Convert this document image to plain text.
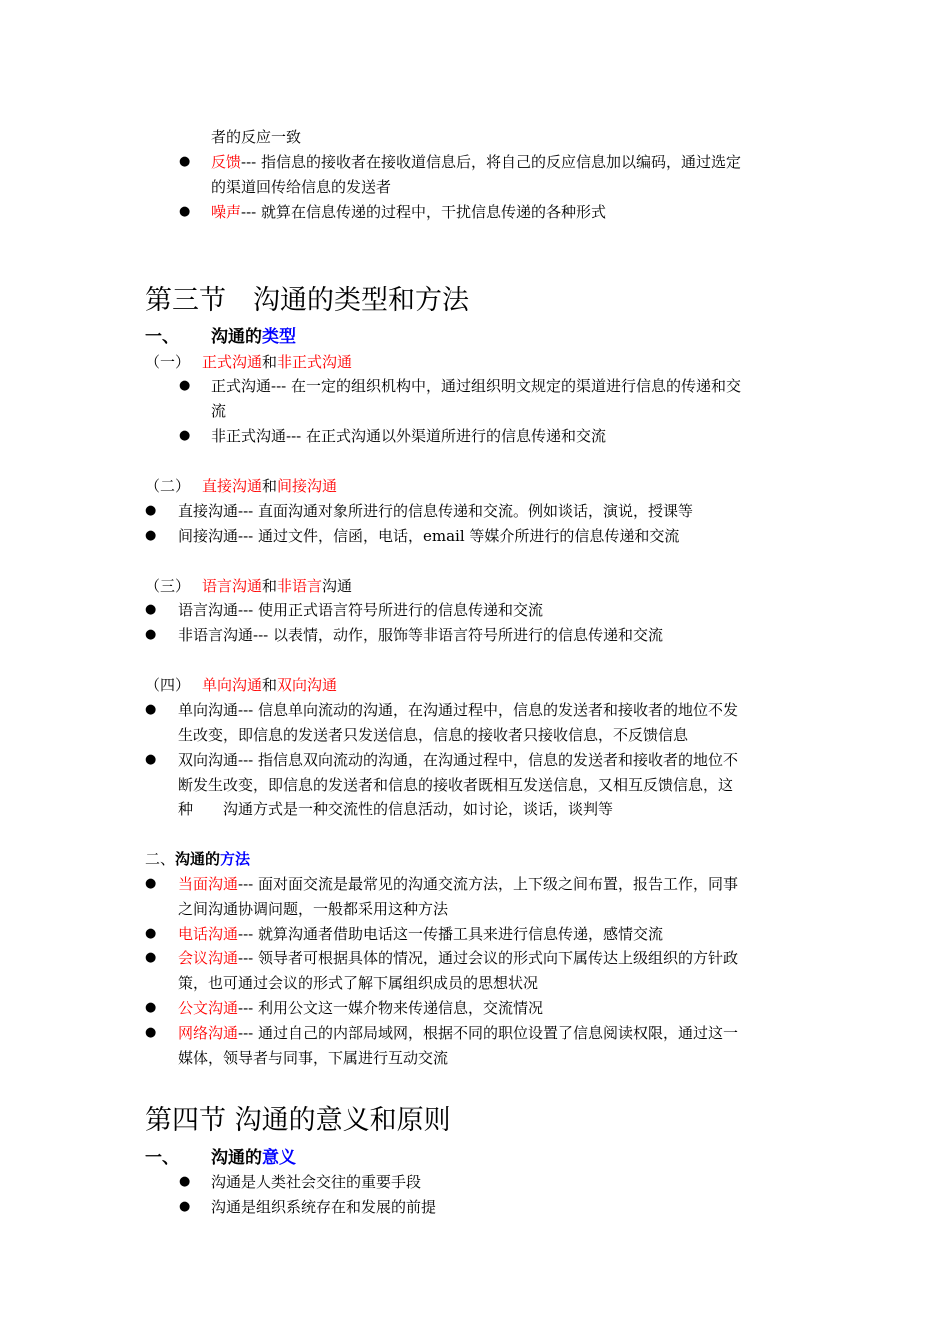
者的反应一致
● 反馈--- 指信息的接收者在接收道信息后，将自己的反应信息加以编码，通过选定
的渠道回传给信息的发送者
● 噪声--- 就算在信息传递的过程中，干扰信息传递的各种形式
第三节　沟通的类型和方法
一、 沟通的类型
（一） 正式沟通和非正式沟通
● 正式沟通--- 在一定的组织机构中，通过组织明文规定的渠道进行信息的传递和交
流
● 非正式沟通--- 在正式沟通以外渠道所进行的信息传递和交流
（二） 直接沟通和间接沟通
● 直接沟通--- 直面沟通对象所进行的信息传递和交流。例如谈话，演说，授课等
● 间接沟通--- 通过文件，信函，电话，email 等媒介所进行的信息传递和交流
（三） 语言沟通和非语言沟通
● 语言沟通--- 使用正式语言符号所进行的信息传递和交流
● 非语言沟通--- 以表情，动作，服饰等非语言符号所进行的信息传递和交流
（四） 单向沟通和双向沟通
● 单向沟通--- 信息单向流动的沟通，在沟通过程中，信息的发送者和接收者的地位不发
生改变，即信息的发送者只发送信息，信息的接收者只接收信息，不反馈信息
● 双向沟通--- 指信息双向流动的沟通，在沟通过程中，信息的发送者和接收者的地位不
断发生改变，即信息的发送者和信息的接收者既相互发送信息，又相互反馈信息，这
种　　沟通方式是一种交流性的信息活动，如讨论，谈话，谈判等
二、沟通的方法
● 当面沟通--- 面对面交流是最常见的沟通交流方法，上下级之间布置，报告工作，同事
之间沟通协调问题，一般都采用这种方法
● 电话沟通--- 就算沟通者借助电话这一传播工具来进行信息传递，感情交流
● 会议沟通--- 领导者可根据具体的情况，通过会议的形式向下属传达上级组织的方针政
策，也可通过会议的形式了解下属组织成员的思想状况
● 公文沟通--- 利用公文这一媒介物来传递信息，交流情况
● 网络沟通--- 通过自己的内部局域网，根据不同的职位设置了信息阅读权限，通过这一
媒体，领导者与同事，下属进行互动交流
第四节 沟通的意义和原则
一、 沟通的意义
● 沟通是人类社会交往的重要手段
● 沟通是组织系统存在和发展的前提
